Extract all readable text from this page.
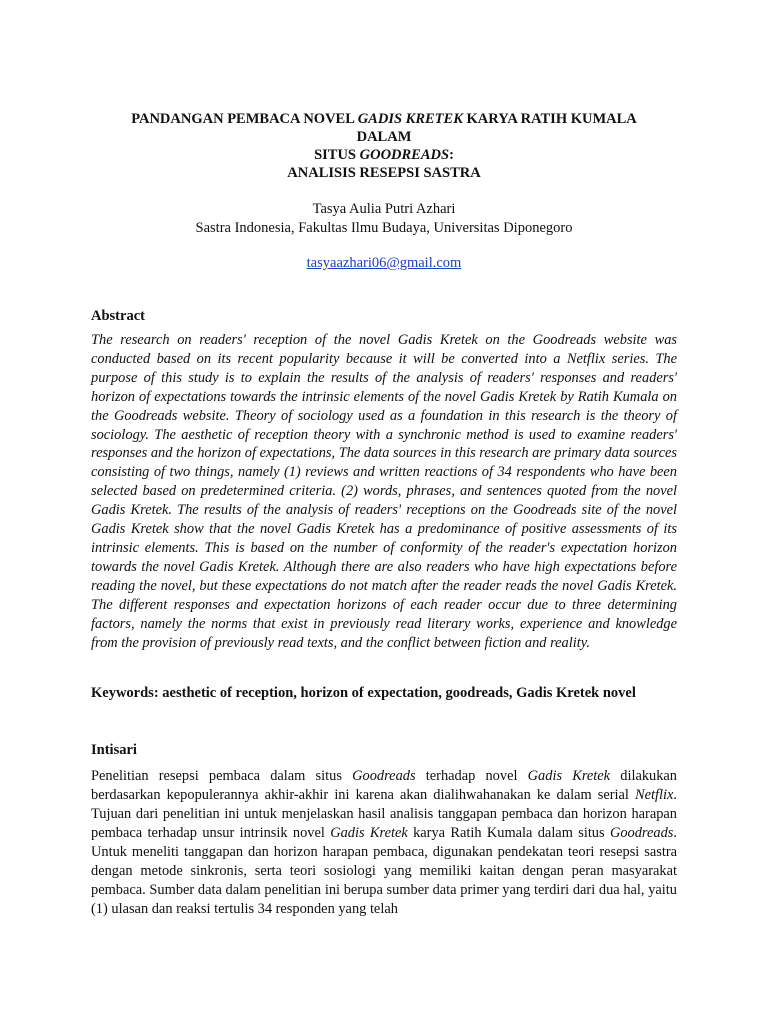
PANDANGAN PEMBACA NOVEL GADIS KRETEK KARYA RATIH KUMALA
DALAM
SITUS GOODREADS:
ANALISIS RESEPSI SASTRA
Tasya Aulia Putri Azhari
Sastra Indonesia, Fakultas Ilmu Budaya, Universitas Diponegoro
tasyaazhari06@gmail.com
Abstract

The research on readers' reception of the novel Gadis Kretek on the Goodreads website was conducted based on its recent popularity because it will be converted into a Netflix series. The purpose of this study is to explain the results of the analysis of readers' responses and readers' horizon of expectations towards the intrinsic elements of the novel Gadis Kretek by Ratih Kumala on the Goodreads website. Theory of sociology used as a foundation in this research is the theory of sociology. The aesthetic of reception theory with a synchronic method is used to examine readers' responses and the horizon of expectations, The data sources in this research are primary data sources consisting of two things, namely (1) reviews and written reactions of 34 respondents who have been selected based on predetermined criteria. (2) words, phrases, and sentences quoted from the novel Gadis Kretek. The results of the analysis of readers' receptions on the Goodreads site of the novel Gadis Kretek show that the novel Gadis Kretek has a predominance of positive assessments of its intrinsic elements. This is based on the number of conformity of the reader's expectation horizon towards the novel Gadis Kretek. Although there are also readers who have high expectations before reading the novel, but these expectations do not match after the reader reads the novel Gadis Kretek. The different responses and expectation horizons of each reader occur due to three determining factors, namely the norms that exist in previously read literary works, experience and knowledge from the provision of previously read texts, and the conflict between fiction and reality.

Keywords: aesthetic of reception, horizon of expectation, goodreads, Gadis Kretek novel
Intisari

Penelitian resepsi pembaca dalam situs Goodreads terhadap novel Gadis Kretek dilakukan berdasarkan kepopulerannya akhir-akhir ini karena akan dialihwahanakan ke dalam serial Netflix. Tujuan dari penelitian ini untuk menjelaskan hasil analisis tanggapan pembaca dan horizon harapan pembaca terhadap unsur intrinsik novel Gadis Kretek karya Ratih Kumala dalam situs Goodreads. Untuk meneliti tanggapan dan horizon harapan pembaca, digunakan pendekatan teori resepsi sastra dengan metode sinkronis, serta teori sosiologi yang memiliki kaitan dengan peran masyarakat pembaca. Sumber data dalam penelitian ini berupa sumber data primer yang terdiri dari dua hal, yaitu (1) ulasan dan reaksi tertulis 34 responden yang telah
